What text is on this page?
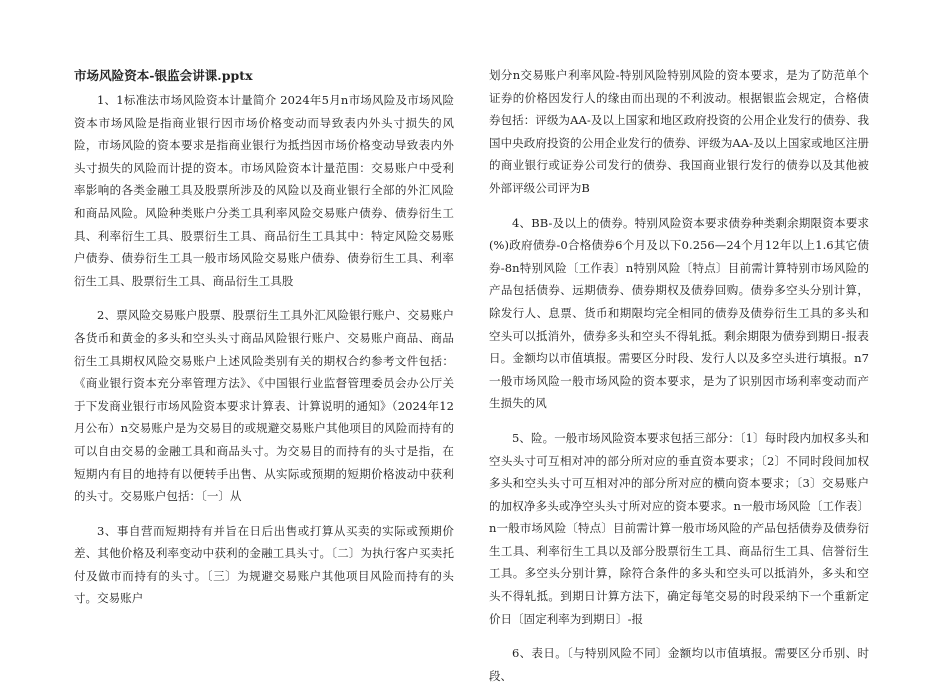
市场风险资本-银监会讲课.pptx

1、1标准法市场风险资本计量简介 2024年5月n市场风险及市场风险资本市场风险是指商业银行因市场价格变动而导致表内外头寸损失的风险，市场风险的资本要求是指商业银行为抵挡因市场价格变动导致表内外头寸损失的风险而计提的资本。市场风险资本计量范围：交易账户中受利率影响的各类金融工具及股票所涉及的风险以及商业银行全部的外汇风险和商品风险。风险种类账户分类工具利率风险交易账户债券、债券衍生工具、利率衍生工具、股票衍生工具、商品衍生工具其中：特定风险交易账户债券、债券衍生工具一般市场风险交易账户债券、债券衍生工具、利率衍生工具、股票衍生工具、商品衍生工具股

2、票风险交易账户股票、股票衍生工具外汇风险银行账户、交易账户各货币和黄金的多头和空头头寸商品风险银行账户、交易账户商品、商品衍生工具期权风险交易账户上述风险类别有关的期权合约参考文件包括：《商业银行资本充分率管理方法》、《中国银行业监督管理委员会办公厅关于下发商业银行市场风险资本要求计算表、计算说明的通知》（2024年12月公布）n交易账户是为交易目的或规避交易账户其他项目的风险而持有的可以自由交易的金融工具和商品头寸。为交易目的而持有的头寸是指，在短期内有目的地持有以便转手出售、从实际或预期的短期价格波动中获利的头寸。交易账户包括：〔一〕从

3、事自营而短期持有并旨在日后出售或打算从买卖的实际或预期价差、其他价格及利率变动中获利的金融工具头寸。〔二〕为执行客户买卖托付及做市而持有的头寸。〔三〕为规避交易账户其他项目风险而持有的头寸。交易账户

划分n交易账户利率风险-特别风险特别风险的资本要求，是为了防范单个证券的价格因发行人的缘由而出现的不利波动。根据银监会规定，合格债券包括：评级为AA-及以上国家和地区政府投资的公用企业发行的债券、我国中央政府投资的公用企业发行的债券、评级为AA-及以上国家或地区注册的商业银行或证券公司发行的债券、我国商业银行发行的债券以及其他被外部评级公司评为B

4、BB-及以上的债券。特别风险资本要求债券种类剩余期限资本要求(%)政府债券-0合格债券6个月及以下0.256—24个月12年以上1.6其它债券-8n特别风险〔工作表〕n特别风险〔特点〕目前需计算特别市场风险的产品包括债券、远期债券、债券期权及债券回购。债券多空头分别计算，除发行人、息票、货币和期限均完全相同的债券及债券衍生工具的多头和空头可以抵消外，债券多头和空头不得轧抵。剩余期限为债券到期日-报表日。金额均以市值填报。需要区分时段、发行人以及多空头进行填报。n7一般市场风险一般市场风险的资本要求，是为了识别因市场利率变动而产生损失的风

5、险。一般市场风险资本要求包括三部分：〔1〕每时段内加权多头和空头头寸可互相对冲的部分所对应的垂直资本要求；〔2〕不同时段间加权多头和空头头寸可互相对冲的部分所对应的横向资本要求；〔3〕交易账户的加权净多头或净空头头寸所对应的资本要求。n一般市场风险〔工作表〕n一般市场风险〔特点〕目前需计算一般市场风险的产品包括债券及债券衍生工具、利率衍生工具以及部分股票衍生工具、商品衍生工具、信誉衍生工具。多空头分别计算，除符合条件的多头和空头可以抵消外，多头和空头不得轧抵。到期日计算方法下，确定每笔交易的时段采纳下一个重新定价日〔固定利率为到期日〕-报

6、表日。〔与特别风险不同〕金额均以市值填报。需要区分币别、时段、
